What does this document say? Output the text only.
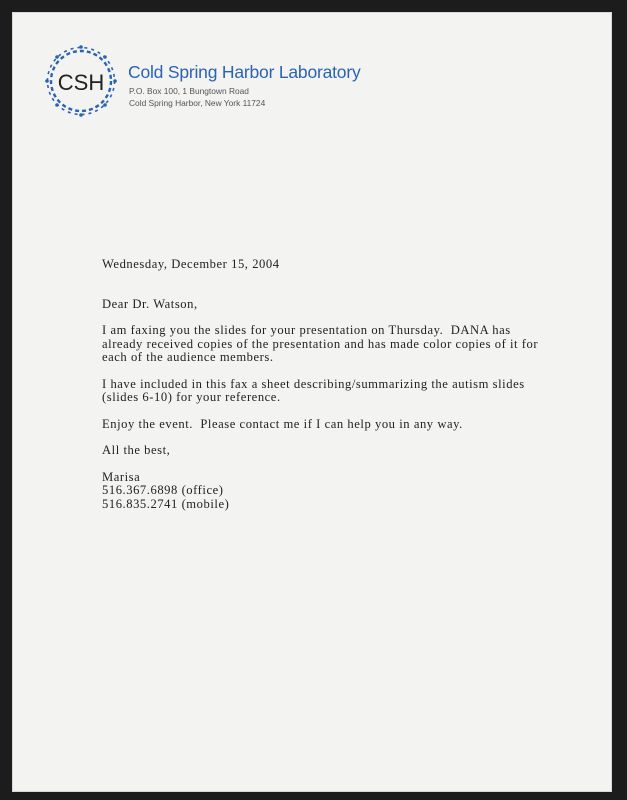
CSH Cold Spring Harbor Laboratory
P.O. Box 100, 1 Bungtown Road
Cold Spring Harbor, New York 11724

Wednesday, December 15, 2004

Dear Dr. Watson,

I am faxing you the slides for your presentation on Thursday.  DANA has

already received copies of the presentation and has made color copies of it for

each of the audience members.

I have included in this fax a sheet describing/summarizing the autism slides

(slides 6-10) for your reference.

Enjoy the event.  Please contact me if I can help you in any way.

All the best,

Marisa

516.367.6898 (office)

516.835.2741 (mobile)
